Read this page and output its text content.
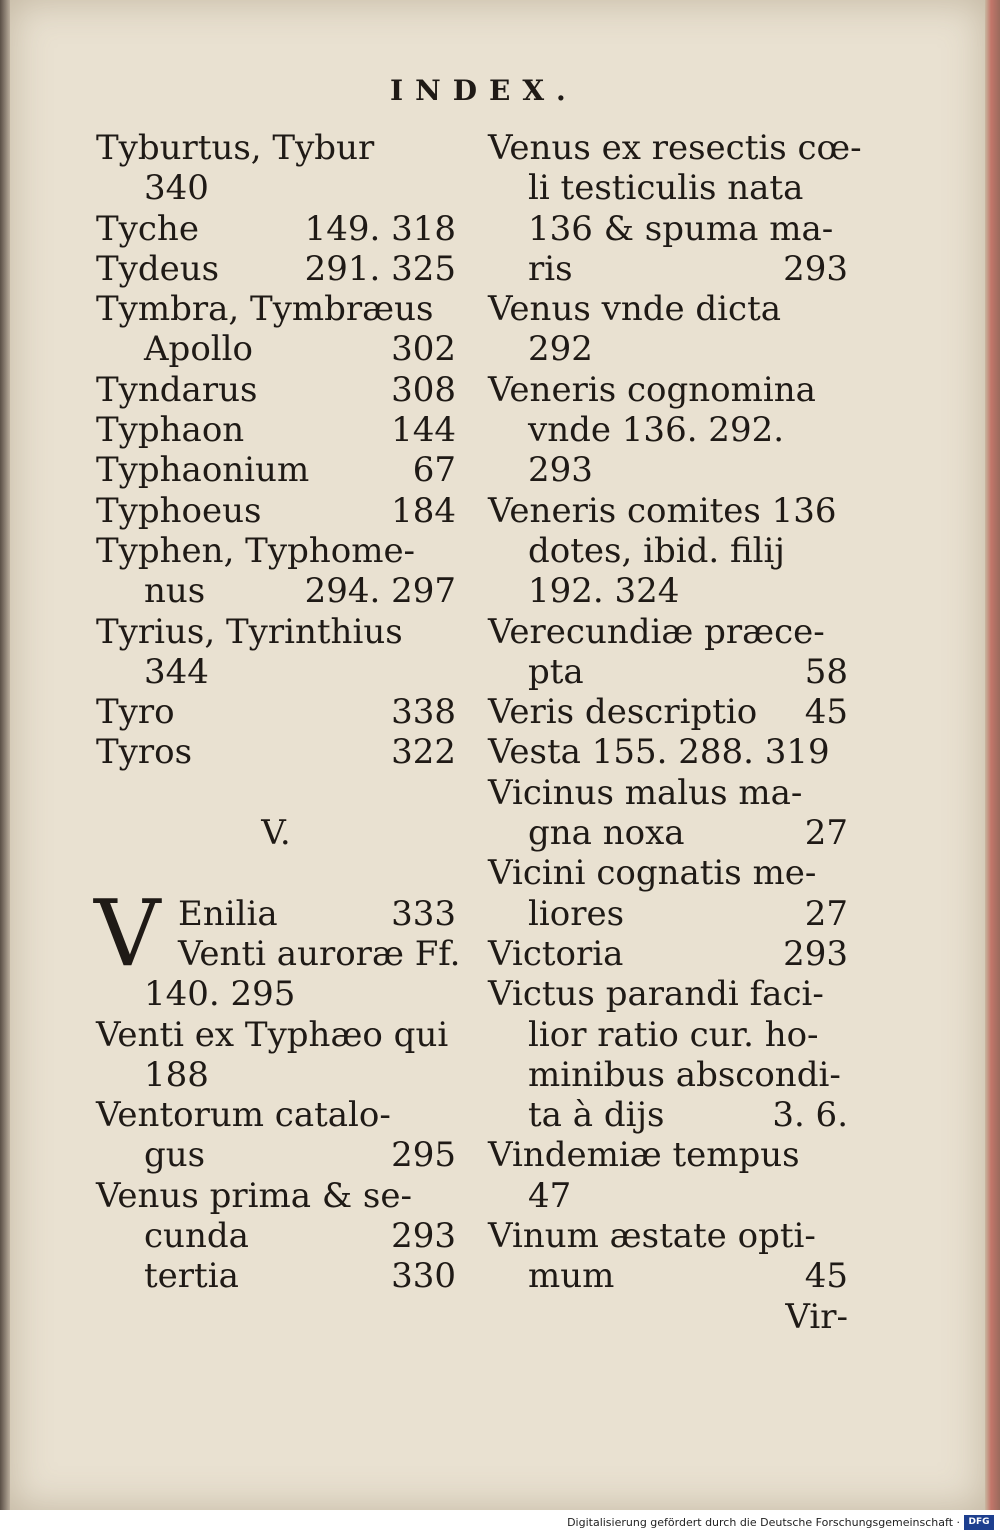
INDEX.
Tyburtus, Tybur
340
Tyche	149. 318
Tydeus	291. 325
Tymbra, Tymbræus
Apollo	302
Tyndarus	308
Typhaon	144
Typhaonium	67
Typhoeus	184
Typhen, Typhome-
nus	294. 297
Tyrius, Tyrinthius
344
Tyro	338
Tyros	322
V.
V Enilia	333
Venti auroræ Ff.
140. 295
Venti ex Typhæo qui
188
Ventorum catalo-
gus	295
Venus prima & se-
cunda	293
tertia	330
Venus ex resectis cœ-
li testiculis nata
136 & spuma ma-
ris	293
Venus vnde dicta
292
Veneris cognomina
vnde 136. 292.
293
Veneris comites 136
dotes, ibid. filij
192. 324
Verecundiæ præce-
pta	58
Veris descriptio 45
Vesta 155. 288. 319
Vicinus malus ma-
gna noxa	27
Vicini cognatis me-
liores	27
Victoria	293
Victus parandi faci-
lior ratio cur. ho-
minibus abscondi-
ta à dijs	3. 6.
Vindemiæ tempus
47
Vinum æstate opti-
mum	45
Vir-
Digitalisierung gefördert durch die Deutsche Forschungsgemeinschaft · DFG
